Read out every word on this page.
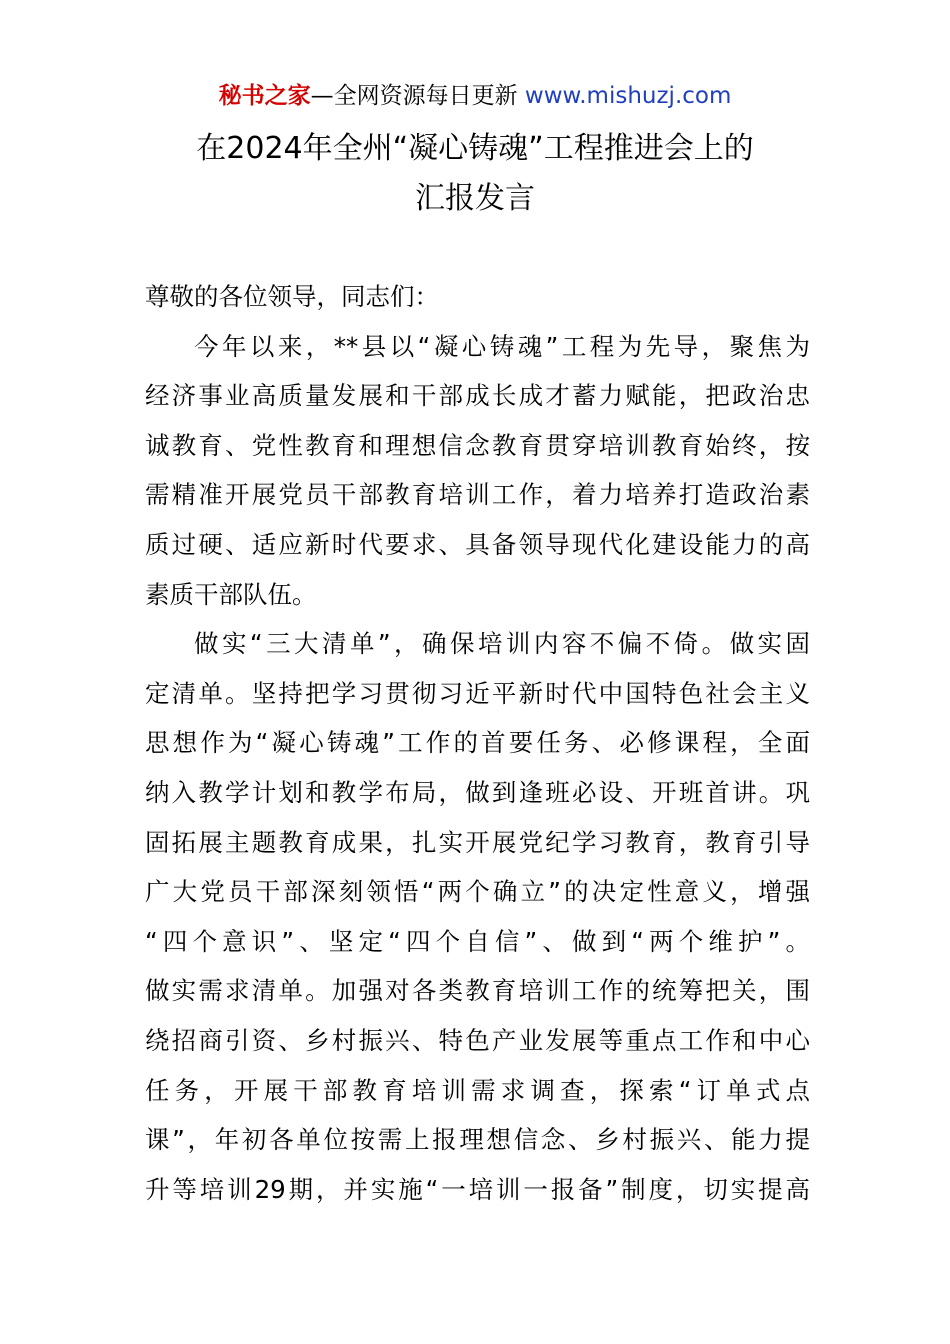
秘书之家—全网资源每日更新 www.mishuzj.com
在2024年全州“凝心铸魂”工程推进会上的
汇报发言
尊敬的各位领导，同志们：
今年以来，**县以“凝心铸魂”工程为先导，聚焦为
经济事业高质量发展和干部成长成才蓄力赋能，把政治忠
诚教育、党性教育和理想信念教育贯穿培训教育始终，按
需精准开展党员干部教育培训工作，着力培养打造政治素
质过硬、适应新时代要求、具备领导现代化建设能力的高
素质干部队伍。
做实“三大清单”，确保培训内容不偏不倚。做实固
定清单。坚持把学习贯彻习近平新时代中国特色社会主义
思想作为“凝心铸魂”工作的首要任务、必修课程，全面
纳入教学计划和教学布局，做到逢班必设、开班首讲。巩
固拓展主题教育成果，扎实开展党纪学习教育，教育引导
广大党员干部深刻领悟“两个确立”的决定性意义，增强
“四个意识”、坚定“四个自信”、做到“两个维护”。
做实需求清单。加强对各类教育培训工作的统筹把关，围
绕招商引资、乡村振兴、特色产业发展等重点工作和中心
任务，开展干部教育培训需求调查，探索“订单式点
课”，年初各单位按需上报理想信念、乡村振兴、能力提
升等培训29期，并实施“一培训一报备”制度，切实提高
